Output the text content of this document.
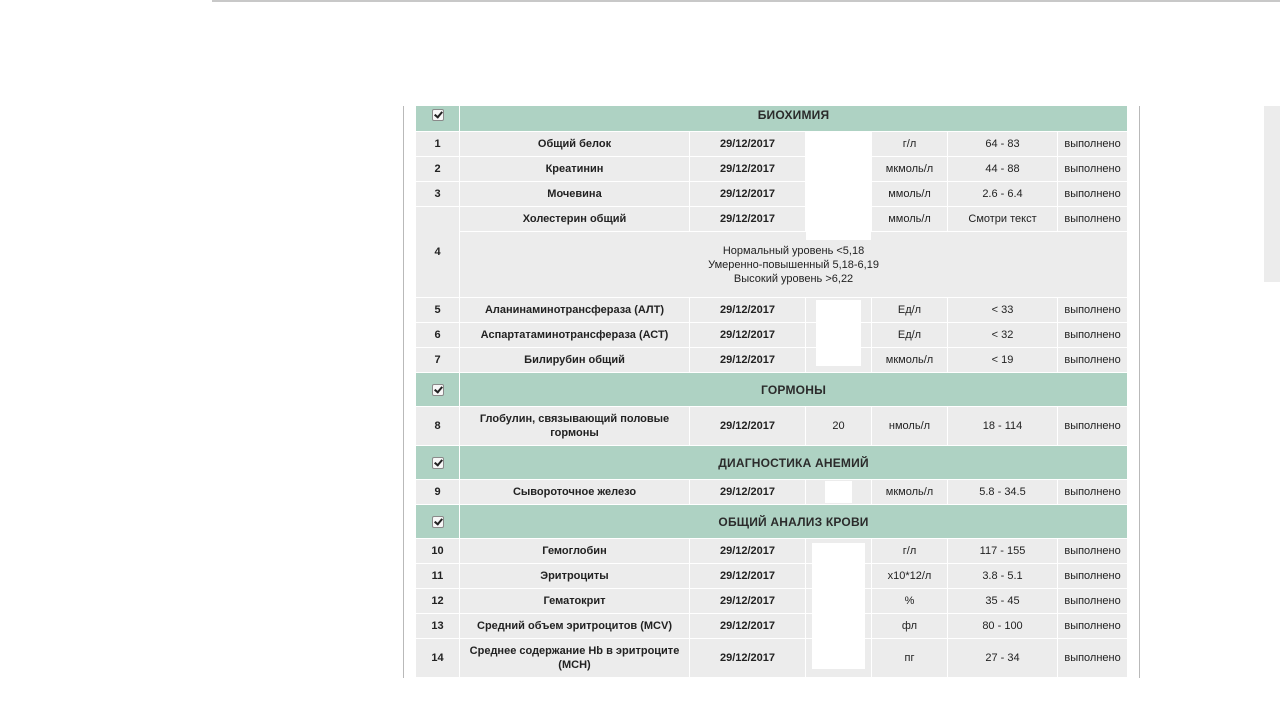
	БИОХИМИЯ					
1	Общий белок	29/12/2017		г/л	64 - 83	выполнено
2	Креатинин	29/12/2017		мкмоль/л	44 - 88	выполнено
3	Мочевина	29/12/2017		ммоль/л	2.6 - 6.4	выполнено
4	Холестерин общий	29/12/2017		ммоль/л	Смотри текст	выполнено

	Нормальный уровень <5,18
Умеренно-повышенный 5,18-6,19
Высокий уровень >6,22					

5	Аланинаминотрансфераза (АЛТ)	29/12/2017		Ед/л	< 33	выполнено
6	Аспартатаминотрансфераза (АСТ)	29/12/2017		Ед/л	< 32	выполнено
7	Билирубин общий	29/12/2017		мкмоль/л	< 19	выполнено
	ГОРМОНЫ					
8	Глобулин, связывающий половые гормоны	29/12/2017	20	нмоль/л	18 - 114	выполнено
	ДИАГНОСТИКА АНЕМИЙ					
9	Сывороточное железо	29/12/2017		мкмоль/л	5.8 - 34.5	выполнено
	ОБЩИЙ АНАЛИЗ КРОВИ					
10	Гемоглобин	29/12/2017		г/л	117 - 155	выполнено
11	Эритроциты	29/12/2017		x10*12/л	3.8 - 5.1	выполнено
12	Гематокрит	29/12/2017		%	35 - 45	выполнено
13	Средний объем эритроцитов (MCV)	29/12/2017		фл	80 - 100	выполнено
14	Среднее содержание Hb в эритроците (MCH)	29/12/2017		пг	27 - 34	выполнено
